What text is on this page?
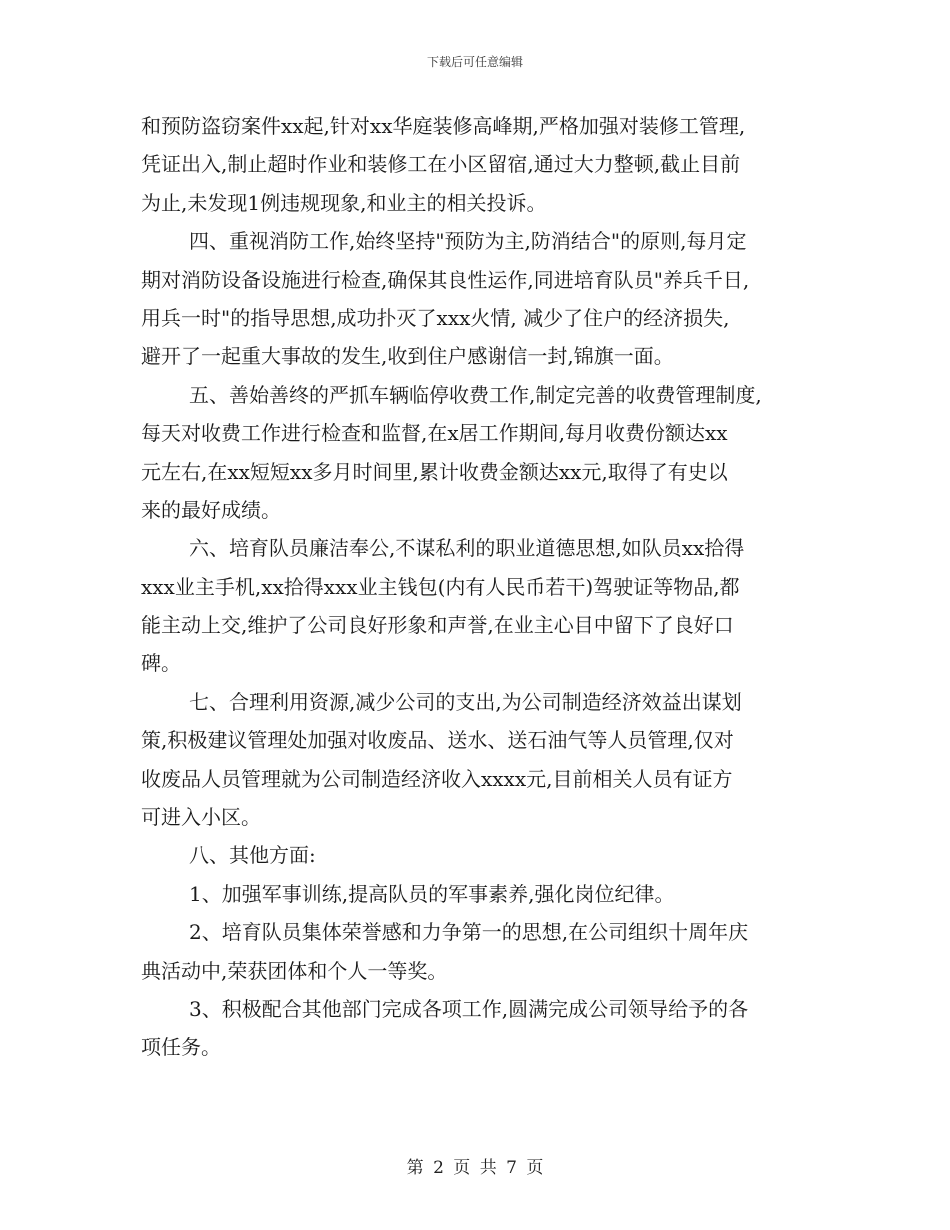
下载后可任意编辑
和预防盗窃案件xx起,针对xx华庭装修高峰期,严格加强对装修工管理,
凭证出入,制止超时作业和装修工在小区留宿,通过大力整顿,截止目前
为止,未发现1例违规现象,和业主的相关投诉。
四、重视消防工作,始终坚持"预防为主,防消结合"的原则,每月定
期对消防设备设施进行检查,确保其良性运作,同进培育队员"养兵千日,
用兵一时"的指导思想,成功扑灭了xxx火情, 减少了住户的经济损失,
避开了一起重大事故的发生,收到住户感谢信一封,锦旗一面。
五、善始善终的严抓车辆临停收费工作,制定完善的收费管理制度,
每天对收费工作进行检查和监督,在x居工作期间,每月收费份额达xx
元左右,在xx短短xx多月时间里,累计收费金额达xx元,取得了有史以
来的最好成绩。
六、培育队员廉洁奉公,不谋私利的职业道德思想,如队员xx拾得
xxx业主手机,xx拾得xxx业主钱包(内有人民币若干)驾驶证等物品,都
能主动上交,维护了公司良好形象和声誉,在业主心目中留下了良好口
碑。
七、合理利用资源,减少公司的支出,为公司制造经济效益出谋划
策,积极建议管理处加强对收废品、送水、送石油气等人员管理,仅对
收废品人员管理就为公司制造经济收入xxxx元,目前相关人员有证方
可进入小区。
八、其他方面:
1、加强军事训练,提高队员的军事素养,强化岗位纪律。
2、培育队员集体荣誉感和力争第一的思想,在公司组织十周年庆
典活动中,荣获团体和个人一等奖。
3、积极配合其他部门完成各项工作,圆满完成公司领导给予的各
项任务。
第 2 页 共 7 页
